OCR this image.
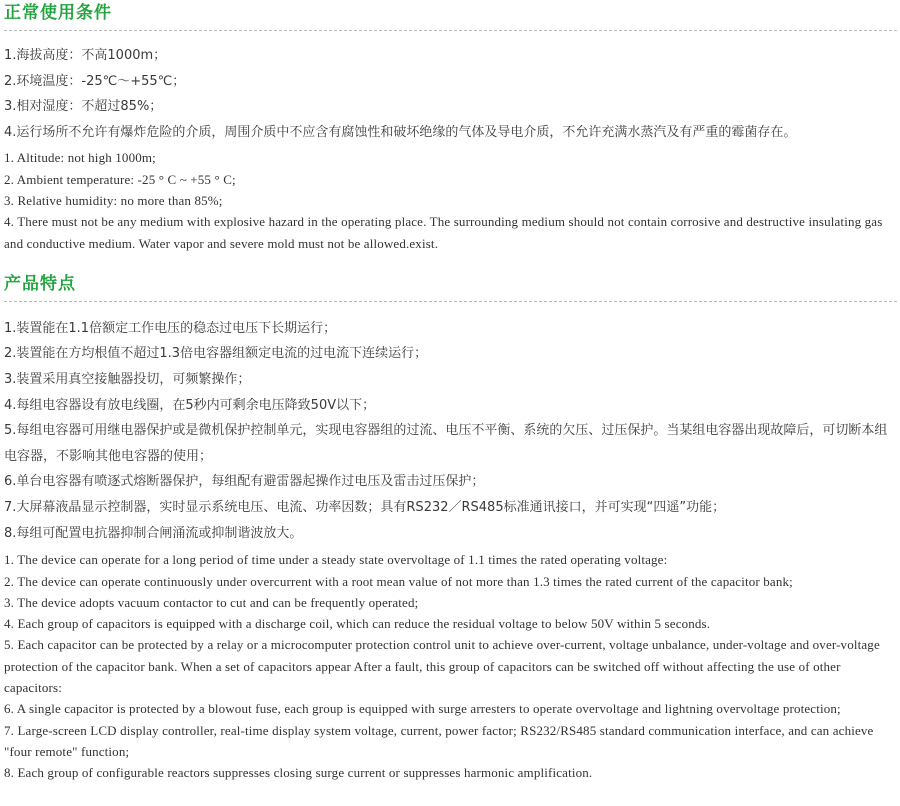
正常使用条件
1.海拔高度：不高1000m；
2.环境温度：-25℃～+55℃；
3.相对湿度：不超过85%；
4.运行场所不允许有爆炸危险的介质，周围介质中不应含有腐蚀性和破坏绝缘的气体及导电介质，不允许充满水蒸汽及有严重的霉菌存在。
1. Altitude: not high 1000m;
2. Ambient temperature: -25 ° C ~ +55 ° C;
3. Relative humidity: no more than 85%;
4. There must not be any medium with explosive hazard in the operating place. The surrounding medium should not contain corrosive and destructive insulating gas and conductive medium. Water vapor and severe mold must not be allowed.exist.
产品特点
1.装置能在1.1倍额定工作电压的稳态过电压下长期运行；
2.装置能在方均根值不超过1.3倍电容器组额定电流的过电流下连续运行；
3.装置采用真空接触器投切，可频繁操作；
4.每组电容器设有放电线圈，在5秒内可剩余电压降致50V以下；
5.每组电容器可用继电器保护或是微机保护控制单元，实现电容器组的过流、电压不平衡、系统的欠压、过压保护。当某组电容器出现故障后，可切断本组电容器，不影响其他电容器的使用；
6.单台电容器有喷逐式熔断器保护，每组配有避雷器起操作过电压及雷击过压保护；
7.大屏幕液晶显示控制器，实时显示系统电压、电流、功率因数；具有RS232／RS485标准通讯接口，并可实现“四遥”功能；
8.每组可配置电抗器抑制合闸涌流或抑制谐波放大。
1. The device can operate for a long period of time under a steady state overvoltage of 1.1 times the rated operating voltage:
2. The device can operate continuously under overcurrent with a root mean value of not more than 1.3 times the rated current of the capacitor bank;
3. The device adopts vacuum contactor to cut and can be frequently operated;
4. Each group of capacitors is equipped with a discharge coil, which can reduce the residual voltage to below 50V within 5 seconds.
5. Each capacitor can be protected by a relay or a microcomputer protection control unit to achieve over-current, voltage unbalance, under-voltage and over-voltage protection of the capacitor bank. When a set of capacitors appear After a fault, this group of capacitors can be switched off without affecting the use of other capacitors:
6. A single capacitor is protected by a blowout fuse, each group is equipped with surge arresters to operate overvoltage and lightning overvoltage protection;
7. Large-screen LCD display controller, real-time display system voltage, current, power factor; RS232/RS485 standard communication interface, and can achieve "four remote" function;
8. Each group of configurable reactors suppresses closing surge current or suppresses harmonic amplification.
